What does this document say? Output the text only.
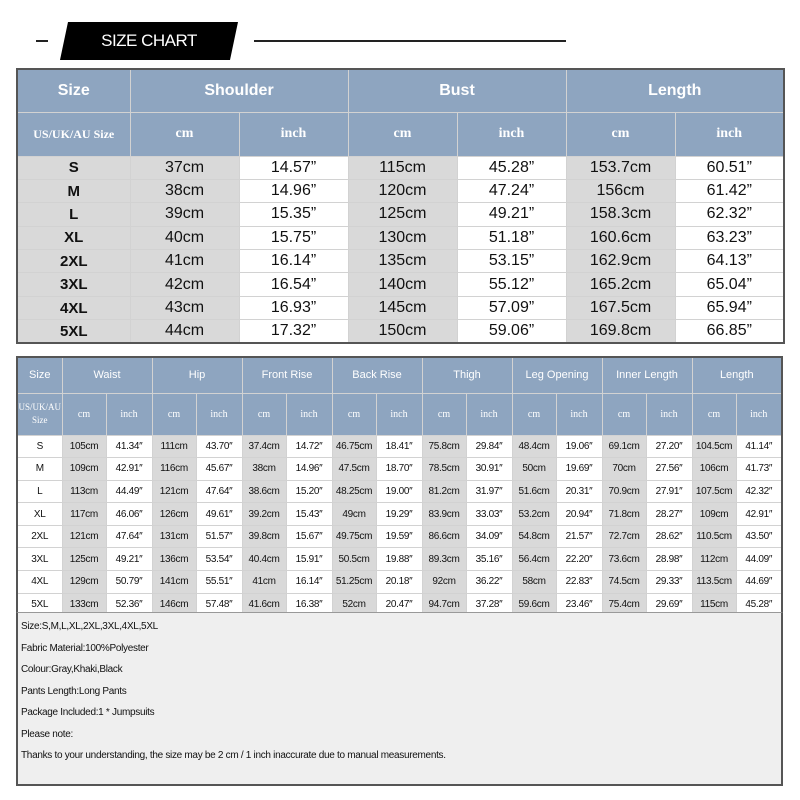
SIZE CHART
Size	Shoulder		Bust		Length	
US/UK/AU Size	cm	inch	cm	inch	cm	inch
S	37cm	14.57”	115cm	45.28”	153.7cm	60.51”
M	38cm	14.96”	120cm	47.24”	156cm	61.42”
L	39cm	15.35”	125cm	49.21”	158.3cm	62.32”
XL	40cm	15.75”	130cm	51.18”	160.6cm	63.23”
2XL	41cm	16.14”	135cm	53.15”	162.9cm	64.13”
3XL	42cm	16.54”	140cm	55.12”	165.2cm	65.04”
4XL	43cm	16.93”	145cm	57.09”	167.5cm	65.94”
5XL	44cm	17.32”	150cm	59.06”	169.8cm	66.85”
Size	Waist		Hip		Front Rise		Back Rise		Thigh		Leg Opening		Inner Length		Length	
US/UK/AU Size	cm	inch	cm	inch	cm	inch	cm	inch	cm	inch	cm	inch	cm	inch	cm	inch
S	105cm	41.34″	111cm	43.70″	37.4cm	14.72″	46.75cm	18.41″	75.8cm	29.84″	48.4cm	19.06″	69.1cm	27.20″	104.5cm	41.14″
M	109cm	42.91″	116cm	45.67″	38cm	14.96″	47.5cm	18.70″	78.5cm	30.91″	50cm	19.69″	70cm	27.56″	106cm	41.73″
L	113cm	44.49″	121cm	47.64″	38.6cm	15.20″	48.25cm	19.00″	81.2cm	31.97″	51.6cm	20.31″	70.9cm	27.91″	107.5cm	42.32″
XL	117cm	46.06″	126cm	49.61″	39.2cm	15.43″	49cm	19.29″	83.9cm	33.03″	53.2cm	20.94″	71.8cm	28.27″	109cm	42.91″
2XL	121cm	47.64″	131cm	51.57″	39.8cm	15.67″	49.75cm	19.59″	86.6cm	34.09″	54.8cm	21.57″	72.7cm	28.62″	110.5cm	43.50″
3XL	125cm	49.21″	136cm	53.54″	40.4cm	15.91″	50.5cm	19.88″	89.3cm	35.16″	56.4cm	22.20″	73.6cm	28.98″	112cm	44.09″
4XL	129cm	50.79″	141cm	55.51″	41cm	16.14″	51.25cm	20.18″	92cm	36.22″	58cm	22.83″	74.5cm	29.33″	113.5cm	44.69″
5XL	133cm	52.36″	146cm	57.48″	41.6cm	16.38″	52cm	20.47″	94.7cm	37.28″	59.6cm	23.46″	75.4cm	29.69″	115cm	45.28″
Size:S,M,L,XL,2XL,3XL,4XL,5XL
Fabric Material:100%Polyester
Colour:Gray,Khaki,Black
Pants Length:Long Pants
Package Included:1 * Jumpsuits
Please note:
Thanks to your understanding, the size may be 2 cm / 1 inch inaccurate due to manual measurements.
